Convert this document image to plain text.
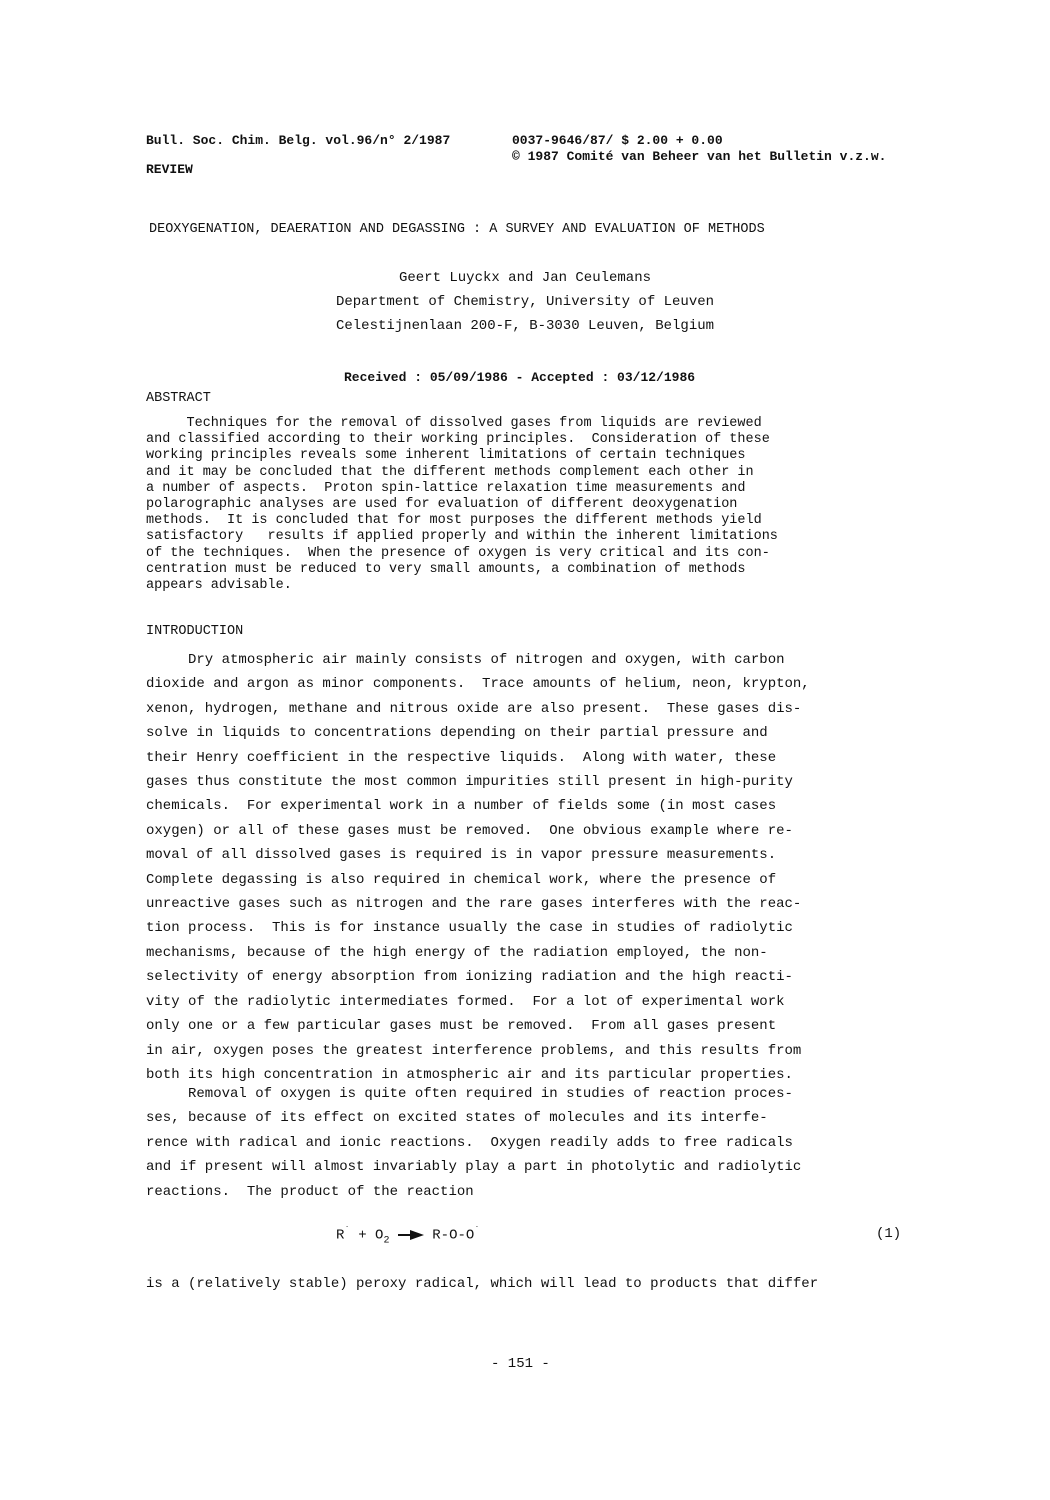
Bull. Soc. Chim. Belg. vol.96/n° 2/1987
REVIEW
0037-9646/87/ $ 2.00 + 0.00
© 1987 Comité van Beheer van het Bulletin v.z.w.
DEOXYGENATION, DEAERATION AND DEGASSING : A SURVEY AND EVALUATION OF METHODS
Geert Luyckx and Jan Ceulemans
Department of Chemistry, University of Leuven
Celestijnenlaan 200-F, B-3030 Leuven, Belgium
Received : 05/09/1986 - Accepted : 03/12/1986
ABSTRACT
Techniques for the removal of dissolved gases from liquids are reviewed
and classified according to their working principles.  Consideration of these
working principles reveals some inherent limitations of certain techniques
and it may be concluded that the different methods complement each other in
a number of aspects.  Proton spin-lattice relaxation time measurements and
polarographic analyses are used for evaluation of different deoxygenation
methods.  It is concluded that for most purposes the different methods yield
satisfactory   results if applied properly and within the inherent limitations
of the techniques.  When the presence of oxygen is very critical and its con-
centration must be reduced to very small amounts, a combination of methods
appears advisable.
INTRODUCTION
Dry atmospheric air mainly consists of nitrogen and oxygen, with carbon
dioxide and argon as minor components.  Trace amounts of helium, neon, krypton,
xenon, hydrogen, methane and nitrous oxide are also present.  These gases dis-
solve in liquids to concentrations depending on their partial pressure and
their Henry coefficient in the respective liquids.  Along with water, these
gases thus constitute the most common impurities still present in high-purity
chemicals.  For experimental work in a number of fields some (in most cases
oxygen) or all of these gases must be removed.  One obvious example where re-
moval of all dissolved gases is required is in vapor pressure measurements.
Complete degassing is also required in chemical work, where the presence of
unreactive gases such as nitrogen and the rare gases interferes with the reac-
tion process.  This is for instance usually the case in studies of radiolytic
mechanisms, because of the high energy of the radiation employed, the non-
selectivity of energy absorption from ionizing radiation and the high reacti-
vity of the radiolytic intermediates formed.  For a lot of experimental work
only one or a few particular gases must be removed.  From all gases present
in air, oxygen poses the greatest interference problems, and this results from
both its high concentration in atmospheric air and its particular properties.
Removal of oxygen is quite often required in studies of reaction proces-
ses, because of its effect on excited states of molecules and its interfe-
rence with radical and ionic reactions.  Oxygen readily adds to free radicals
and if present will almost invariably play a part in photolytic and radiolytic
reactions.  The product of the reaction
$R^˙ + O_2 \to R-O-O^˙$	(1)
is a (relatively stable) peroxy radical, which will lead to products that differ
- 151 -
